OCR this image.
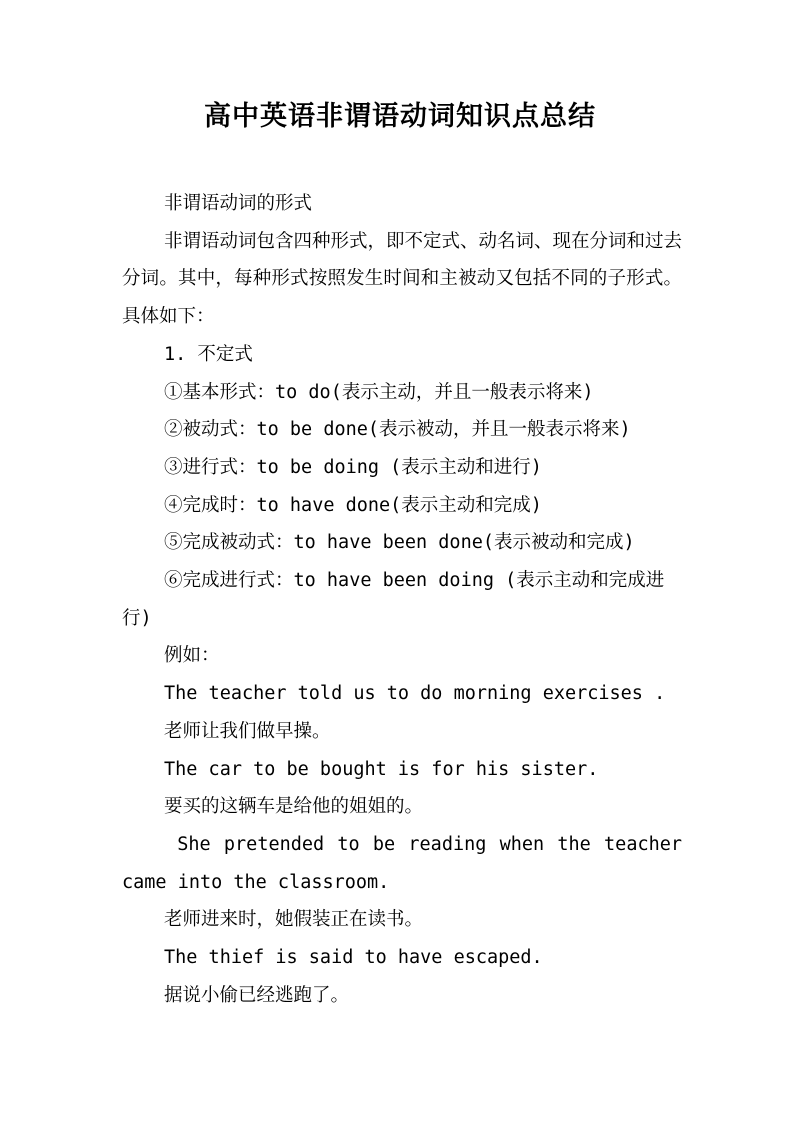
高中英语非谓语动词知识点总结

非谓语动词的形式

非谓语动词包含四种形式，即不定式、动名词、现在分词和过去分词。其中，每种形式按照发生时间和主被动又包括不同的子形式。具体如下：

1. 不定式

①基本形式：to do(表示主动，并且一般表示将来)

②被动式：to be done(表示被动，并且一般表示将来)

③进行式：to be doing (表示主动和进行)

④完成时：to have done(表示主动和完成)

⑤完成被动式：to have been done(表示被动和完成)

⑥完成进行式：to have been doing (表示主动和完成进行)

例如：

The teacher told us to do morning exercises .

老师让我们做早操。

The car to be bought is for his sister.

要买的这辆车是给他的姐姐的。

She pretended to be reading when the teacher came into the classroom.

老师进来时，她假装正在读书。

The thief is said to have escaped.

据说小偷已经逃跑了。
